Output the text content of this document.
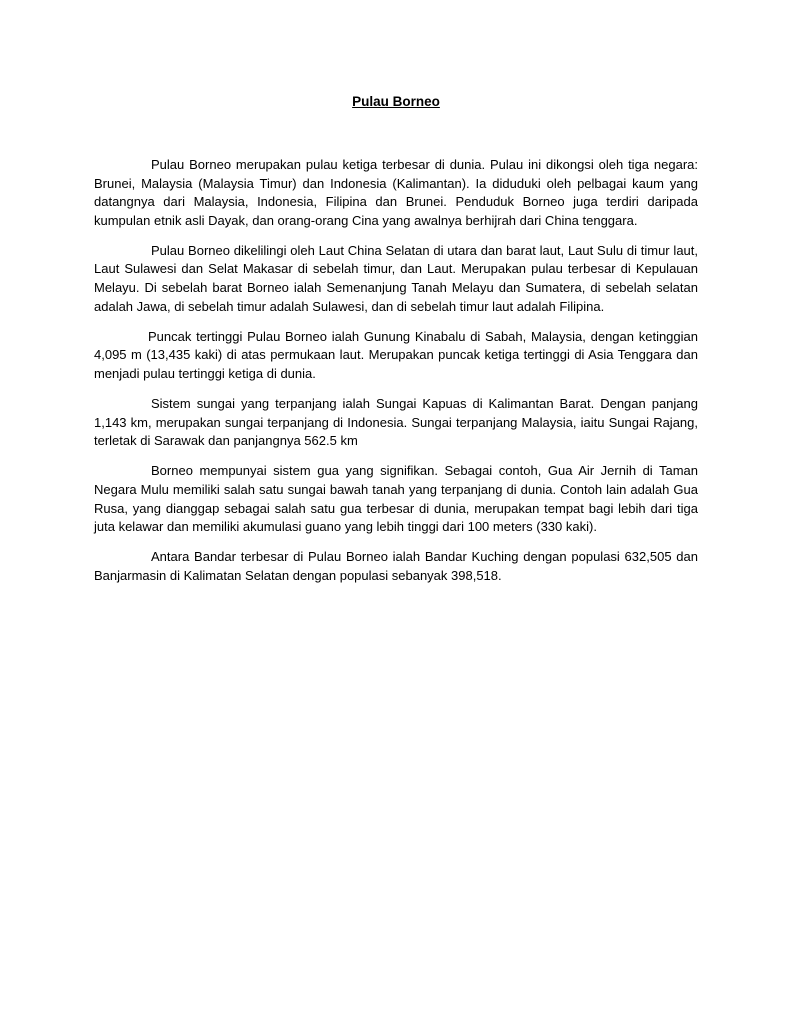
Pulau Borneo

Pulau Borneo merupakan pulau ketiga terbesar di dunia. Pulau ini dikongsi oleh tiga negara: Brunei, Malaysia (Malaysia Timur) dan Indonesia (Kalimantan). Ia diduduki oleh pelbagai kaum yang datangnya dari Malaysia, Indonesia, Filipina dan Brunei. Penduduk Borneo juga terdiri daripada kumpulan etnik asli Dayak, dan orang-orang Cina yang awalnya berhijrah dari China tenggara.

Pulau Borneo dikelilingi oleh Laut China Selatan di utara dan barat laut, Laut Sulu di timur laut, Laut Sulawesi dan Selat Makasar di sebelah timur, dan Laut. Merupakan pulau terbesar di Kepulauan Melayu. Di sebelah barat Borneo ialah Semenanjung Tanah Melayu dan Sumatera, di sebelah selatan adalah Jawa, di sebelah timur adalah Sulawesi, dan di sebelah timur laut adalah Filipina.

Puncak tertinggi Pulau Borneo ialah Gunung Kinabalu di Sabah, Malaysia, dengan ketinggian 4,095 m (13,435 kaki) di atas permukaan laut. Merupakan puncak ketiga tertinggi di Asia Tenggara dan menjadi pulau tertinggi ketiga di dunia.

Sistem sungai yang terpanjang ialah Sungai Kapuas di Kalimantan Barat. Dengan panjang 1,143 km, merupakan sungai terpanjang di Indonesia. Sungai terpanjang Malaysia, iaitu Sungai Rajang, terletak di Sarawak dan panjangnya 562.5 km

Borneo mempunyai sistem gua yang signifikan. Sebagai contoh, Gua Air Jernih di Taman Negara Mulu memiliki salah satu sungai bawah tanah yang terpanjang di dunia. Contoh lain adalah Gua Rusa, yang dianggap sebagai salah satu gua terbesar di dunia, merupakan tempat bagi lebih dari tiga juta kelawar dan memiliki akumulasi guano yang lebih tinggi dari 100 meters (330 kaki).

Antara Bandar terbesar di Pulau Borneo ialah Bandar Kuching dengan populasi 632,505 dan Banjarmasin di Kalimatan Selatan dengan populasi sebanyak 398,518.
